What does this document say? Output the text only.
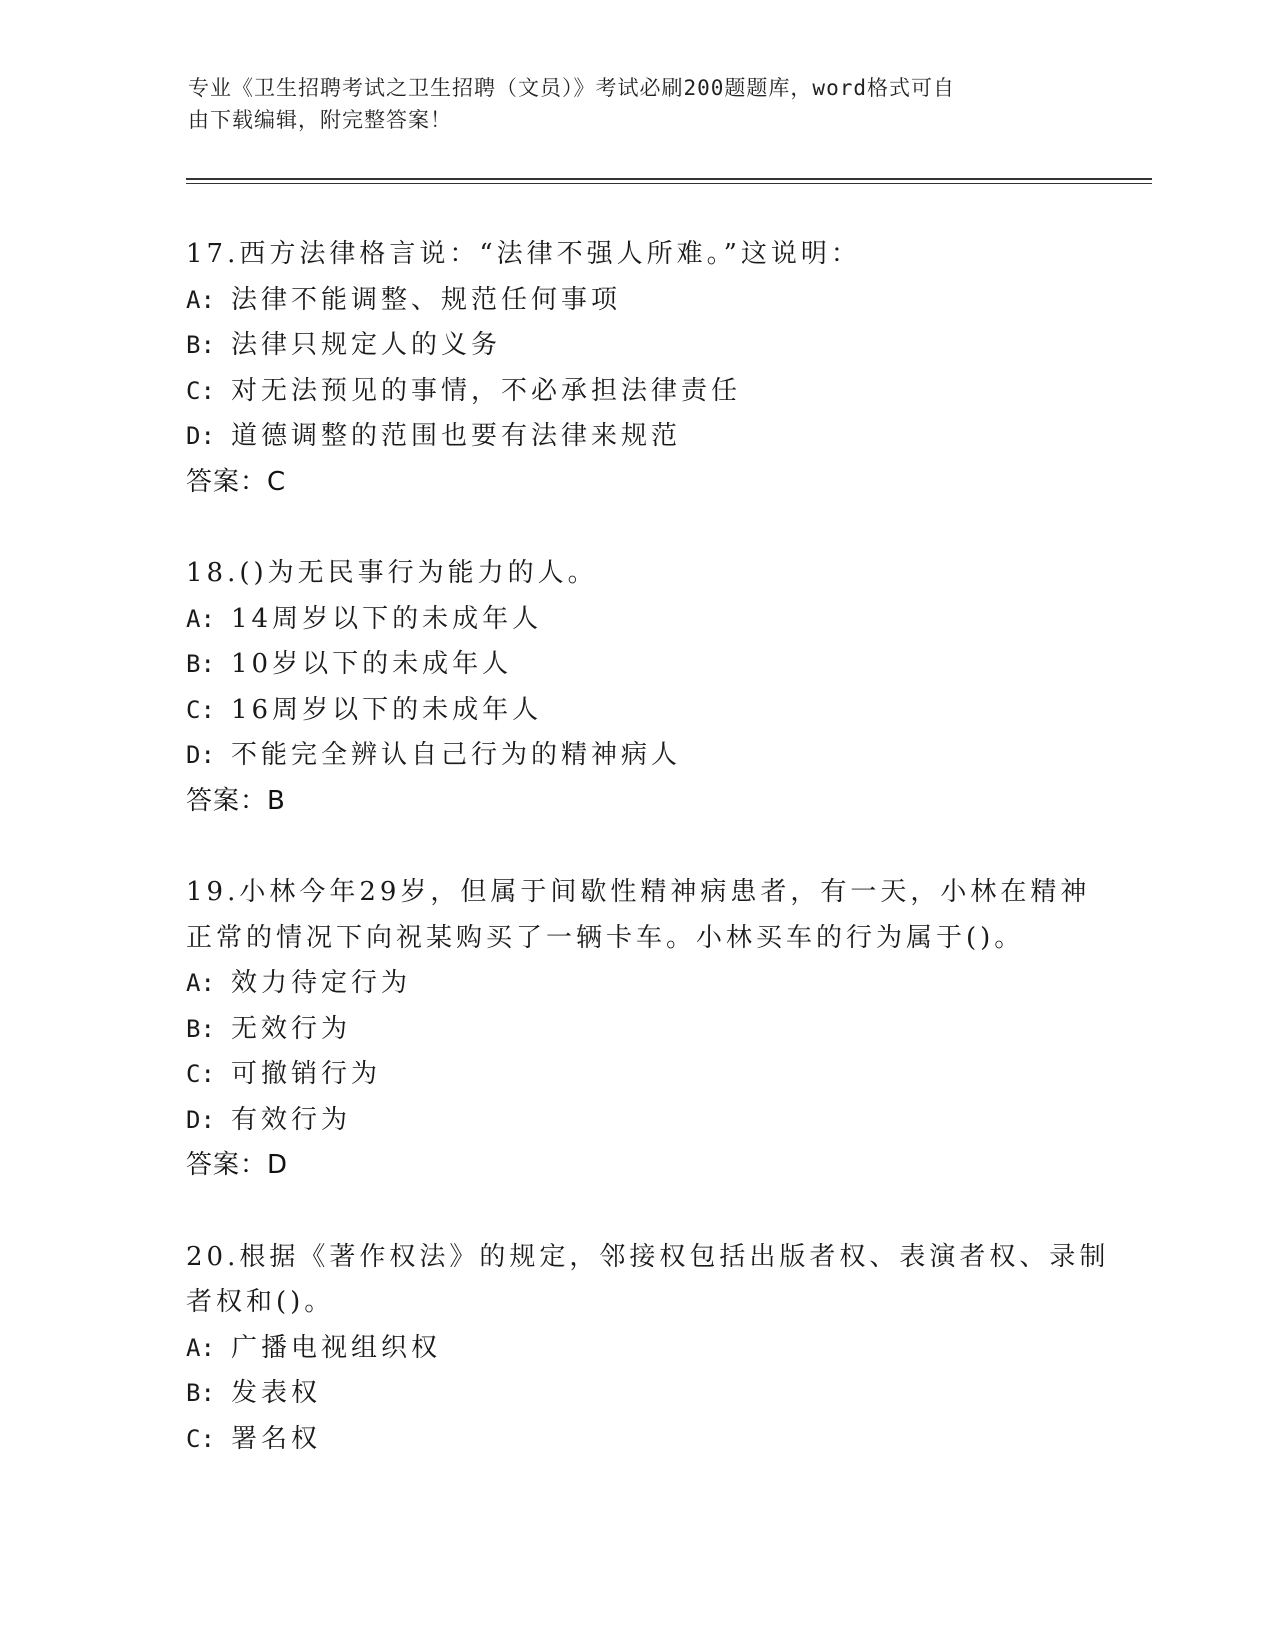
专业《卫生招聘考试之卫生招聘（文员）》考试必刷200题题库，word格式可自
由下载编辑，附完整答案！
17.西方法律格言说：“法律不强人所难。”这说明：
A: 法律不能调整、规范任何事项
B: 法律只规定人的义务
C: 对无法预见的事情，不必承担法律责任
D: 道德调整的范围也要有法律来规范
答案：C
18.()为无民事行为能力的人。
A: 14周岁以下的未成年人
B: 10岁以下的未成年人
C: 16周岁以下的未成年人
D: 不能完全辨认自己行为的精神病人
答案：B
19.小林今年29岁，但属于间歇性精神病患者，有一天，小林在精神
正常的情况下向祝某购买了一辆卡车。小林买车的行为属于()。
A: 效力待定行为
B: 无效行为
C: 可撤销行为
D: 有效行为
答案：D
20.根据《著作权法》的规定，邻接权包括出版者权、表演者权、录制
者权和()。
A: 广播电视组织权
B: 发表权
C: 署名权
